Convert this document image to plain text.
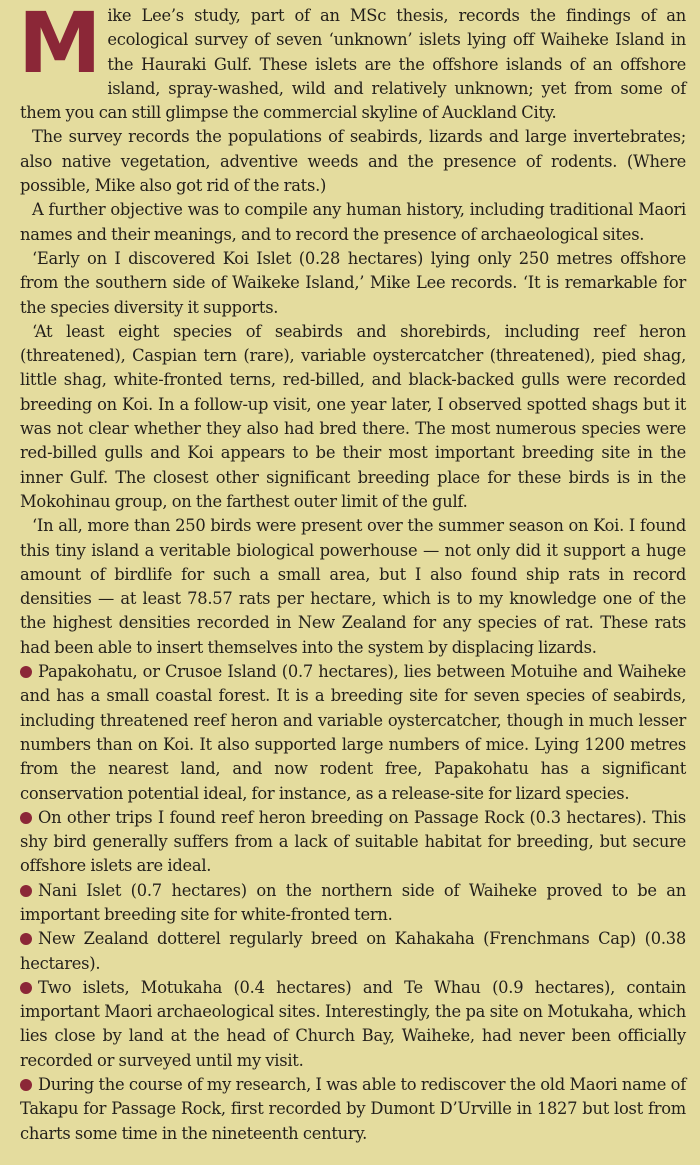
Mike Lee’s study, part of an MSc thesis, records the findings of an ecological survey of seven ‘unknown’ islets lying off Waiheke Island in the Hauraki Gulf. These islets are the offshore islands of an offshore island, spray-washed, wild and relatively unknown; yet from some of them you can still glimpse the commercial skyline of Auckland City.

The survey records the populations of seabirds, lizards and large invertebrates; also native vegetation, adventive weeds and the presence of rodents. (Where possible, Mike also got rid of the rats.)

A further objective was to compile any human history, including traditional Maori names and their meanings, and to record the presence of archaeological sites.

‘Early on I discovered Koi Islet (0.28 hectares) lying only 250 metres offshore from the southern side of Waikeke Island,’ Mike Lee records. ‘It is remarkable for the species diversity it supports.

‘At least eight species of seabirds and shorebirds, including reef heron (threatened), Caspian tern (rare), variable oystercatcher (threatened), pied shag, little shag, white-fronted terns, red-billed, and black-backed gulls were recorded breeding on Koi. In a follow-up visit, one year later, I observed spotted shags but it was not clear whether they also had bred there. The most numerous species were red-billed gulls and Koi appears to be their most important breeding site in the inner Gulf. The closest other significant breeding place for these birds is in the Mokohinau group, on the farthest outer limit of the gulf.

‘In all, more than 250 birds were present over the summer season on Koi. I found this tiny island a veritable biological powerhouse — not only did it support a huge amount of birdlife for such a small area, but I also found ship rats in record densities — at least 78.57 rats per hectare, which is to my knowledge one of the the highest densities recorded in New Zealand for any species of rat. These rats had been able to insert themselves into the system by displacing lizards.

Papakohatu, or Crusoe Island (0.7 hectares), lies between Motuihe and Waiheke and has a small coastal forest. It is a breeding site for seven species of seabirds, including threatened reef heron and variable oystercatcher, though in much lesser numbers than on Koi. It also supported large numbers of mice. Lying 1200 metres from the nearest land, and now rodent free, Papakohatu has a significant conservation potential ideal, for instance, as a release-site for lizard species.

On other trips I found reef heron breeding on Passage Rock (0.3 hectares). This shy bird generally suffers from a lack of suitable habitat for breeding, but secure offshore islets are ideal.

Nani Islet (0.7 hectares) on the northern side of Waiheke proved to be an important breeding site for white-fronted tern.

New Zealand dotterel regularly breed on Kahakaha (Frenchmans Cap) (0.38 hectares).

Two islets, Motukaha (0.4 hectares) and Te Whau (0.9 hectares), contain important Maori archaeological sites. Interestingly, the pa site on Motukaha, which lies close by land at the head of Church Bay, Waiheke, had never been officially recorded or surveyed until my visit.

During the course of my research, I was able to rediscover the old Maori name of Takapu for Passage Rock, first recorded by Dumont D’Urville in 1827 but lost from charts some time in the nineteenth century.
